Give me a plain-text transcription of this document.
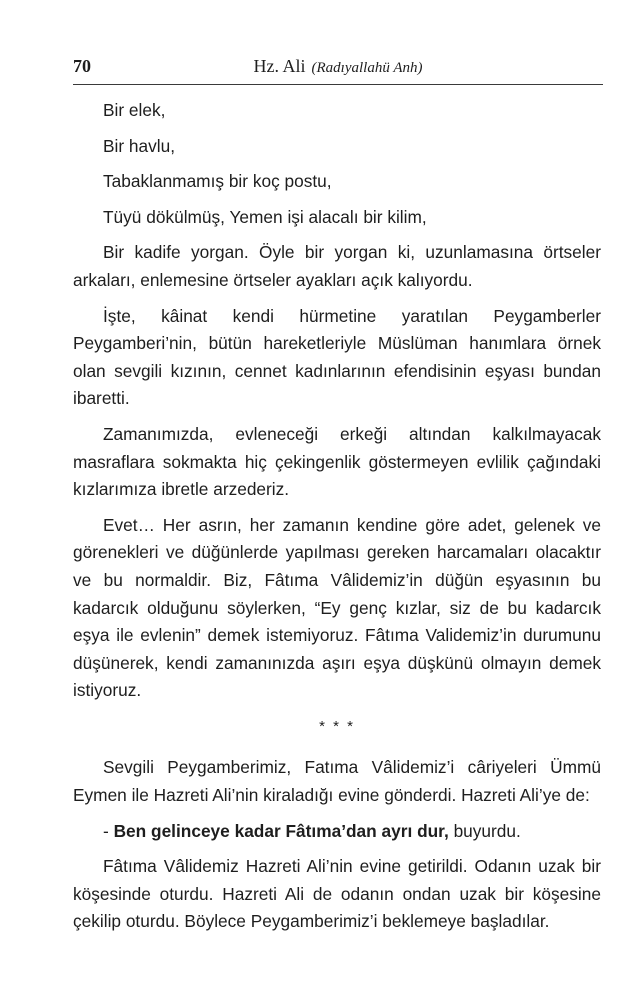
70	Hz. Ali (Radıyallahü Anh)
Bir elek,
Bir havlu,
Tabaklanmamış bir koç postu,
Tüyü dökülmüş, Yemen işi alacalı bir kilim,

Bir kadife yorgan. Öyle bir yorgan ki, uzunlamasına örtseler arkaları, enlemesine örtseler ayakları açık kalıyordu.

İşte, kâinat kendi hürmetine yaratılan Peygamberler Peygamberi’nin, bütün hareketleriyle Müslüman hanımlara örnek olan sevgili kızının, cennet kadınlarının efendisinin eşyası bundan ibaretti.

Zamanımızda, evleneceği erkeği altından kalkılmayacak masraflara sokmakta hiç çekingenlik göstermeyen evlilik çağındaki kızlarımıza ibretle arzederiz.

Evet… Her asrın, her zamanın kendine göre adet, gelenek ve görenekleri ve düğünlerde yapılması gereken harcamaları olacaktır ve bu normaldir. Biz, Fâtıma Vâlidemiz’in düğün eşyasının bu kadarcık olduğunu söylerken, “Ey genç kızlar, siz de bu kadarcık eşya ile evlenin” demek istemiyoruz. Fâtıma Validemiz’in durumunu düşünerek, kendi zamanınızda aşırı eşya düşkünü olmayın demek istiyoruz.

* * *

Sevgili Peygamberimiz, Fatıma Vâlidemiz’i câriyeleri Ümmü Eymen ile Hazreti Ali’nin kiraladığı evine gönderdi. Hazreti Ali’ye de:

- Ben gelinceye kadar Fâtıma’dan ayrı dur, buyurdu.

Fâtıma Vâlidemiz Hazreti Ali’nin evine getirildi. Odanın uzak bir köşesinde oturdu. Hazreti Ali de odanın ondan uzak bir köşesine çekilip oturdu. Böylece Peygamberimiz’i beklemeye başladılar.
